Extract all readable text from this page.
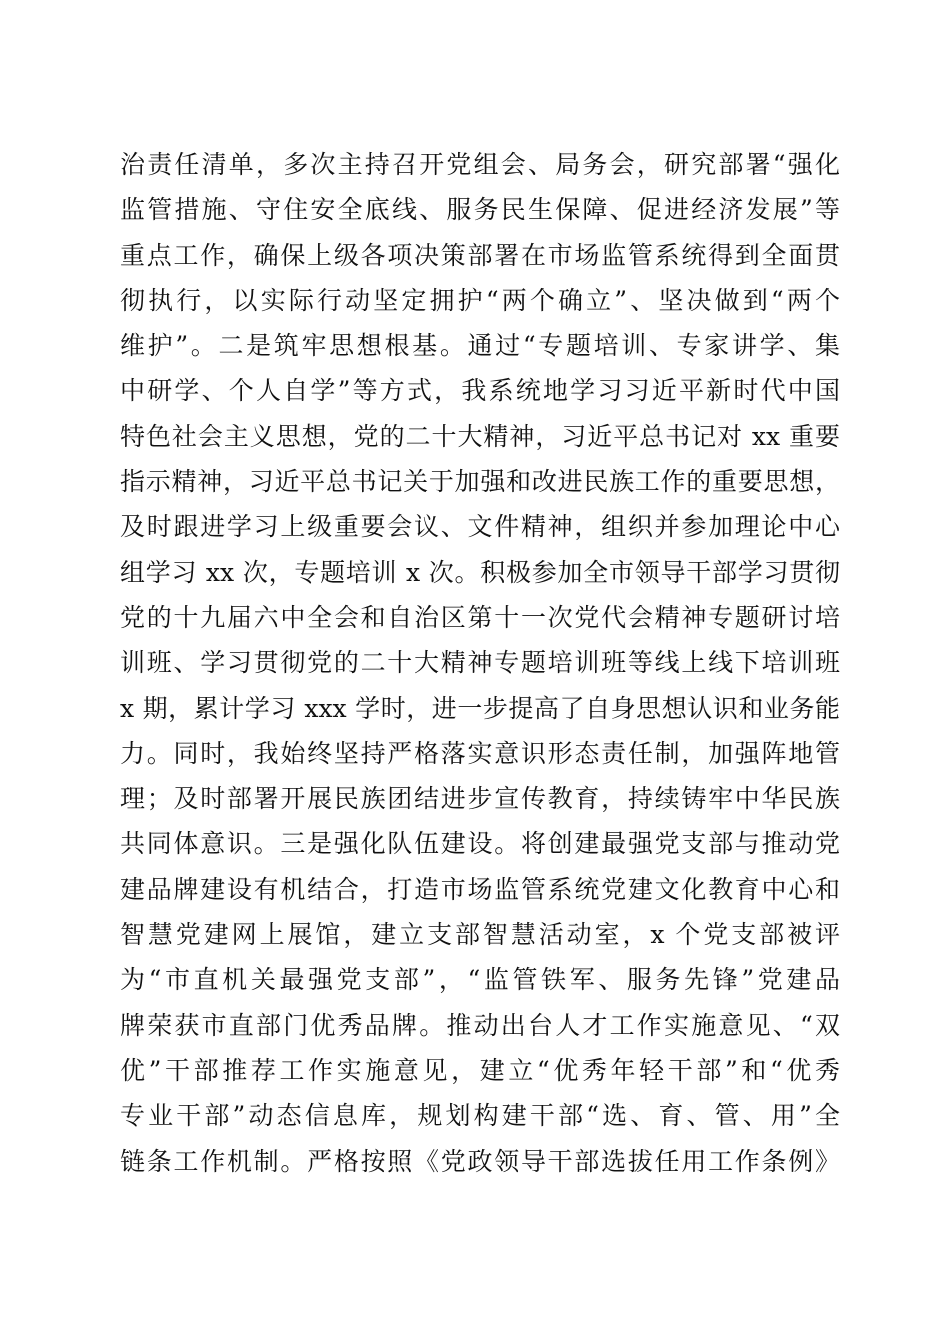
治责任清单，多次主持召开党组会、局务会，研究部署“强化
监管措施、守住安全底线、服务民生保障、促进经济发展”等
重点工作，确保上级各项决策部署在市场监管系统得到全面贯
彻执行，以实际行动坚定拥护“两个确立”、坚决做到“两个
维护”。二是筑牢思想根基。通过“专题培训、专家讲学、集
中研学、个人自学”等方式，我系统地学习习近平新时代中国
特色社会主义思想，党的二十大精神，习近平总书记对 xx 重要
指示精神，习近平总书记关于加强和改进民族工作的重要思想，
及时跟进学习上级重要会议、文件精神，组织并参加理论中心
组学习 xx 次，专题培训 x 次。积极参加全市领导干部学习贯彻
党的十九届六中全会和自治区第十一次党代会精神专题研讨培
训班、学习贯彻党的二十大精神专题培训班等线上线下培训班
x 期，累计学习 xxx 学时，进一步提高了自身思想认识和业务能
力。同时，我始终坚持严格落实意识形态责任制，加强阵地管
理；及时部署开展民族团结进步宣传教育，持续铸牢中华民族
共同体意识。三是强化队伍建设。将创建最强党支部与推动党
建品牌建设有机结合，打造市场监管系统党建文化教育中心和
智慧党建网上展馆，建立支部智慧活动室，x 个党支部被评
为“市直机关最强党支部”，“监管铁军、服务先锋”党建品
牌荣获市直部门优秀品牌。推动出台人才工作实施意见、“双
优”干部推荐工作实施意见，建立“优秀年轻干部”和“优秀
专业干部”动态信息库，规划构建干部“选、育、管、用”全
链条工作机制。严格按照《党政领导干部选拔任用工作条例》
